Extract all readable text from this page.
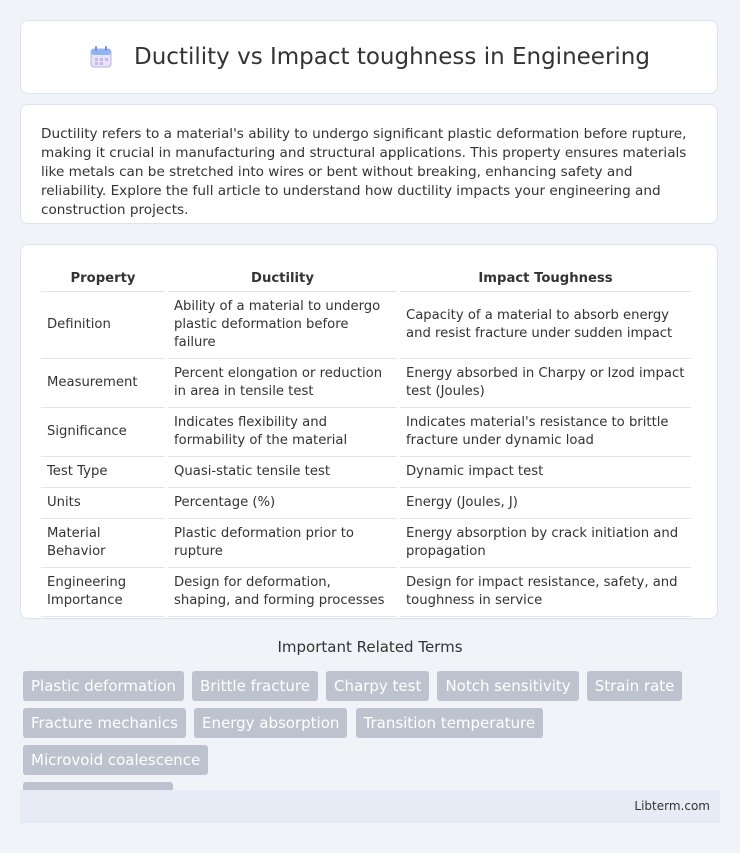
Ductility vs Impact toughness in Engineering

Ductility refers to a material's ability to undergo significant plastic deformation before rupture, making it crucial in manufacturing and structural applications. This property ensures materials like metals can be stretched into wires or bent without breaking, enhancing safety and reliability. Explore the full article to understand how ductility impacts your engineering and construction projects.

Property	Ductility	Impact Toughness
Definition	Ability of a material to undergo plastic deformation before failure	Capacity of a material to absorb energy and resist fracture under sudden impact
Measurement	Percent elongation or reduction in area in tensile test	Energy absorbed in Charpy or Izod impact test (Joules)
Significance	Indicates flexibility and formability of the material	Indicates material's resistance to brittle fracture under dynamic load
Test Type	Quasi-static tensile test	Dynamic impact test
Units	Percentage (%)	Energy (Joules, J)
Material Behavior	Plastic deformation prior to rupture	Energy absorption by crack initiation and propagation
Engineering Importance	Design for deformation, shaping, and forming processes	Design for impact resistance, safety, and toughness in service
Important Related Terms
Plastic deformation Brittle fracture Charpy test Notch sensitivity Strain rate
Fracture mechanics Energy absorption Transition temperature Microvoid coalescence

Libterm.com
